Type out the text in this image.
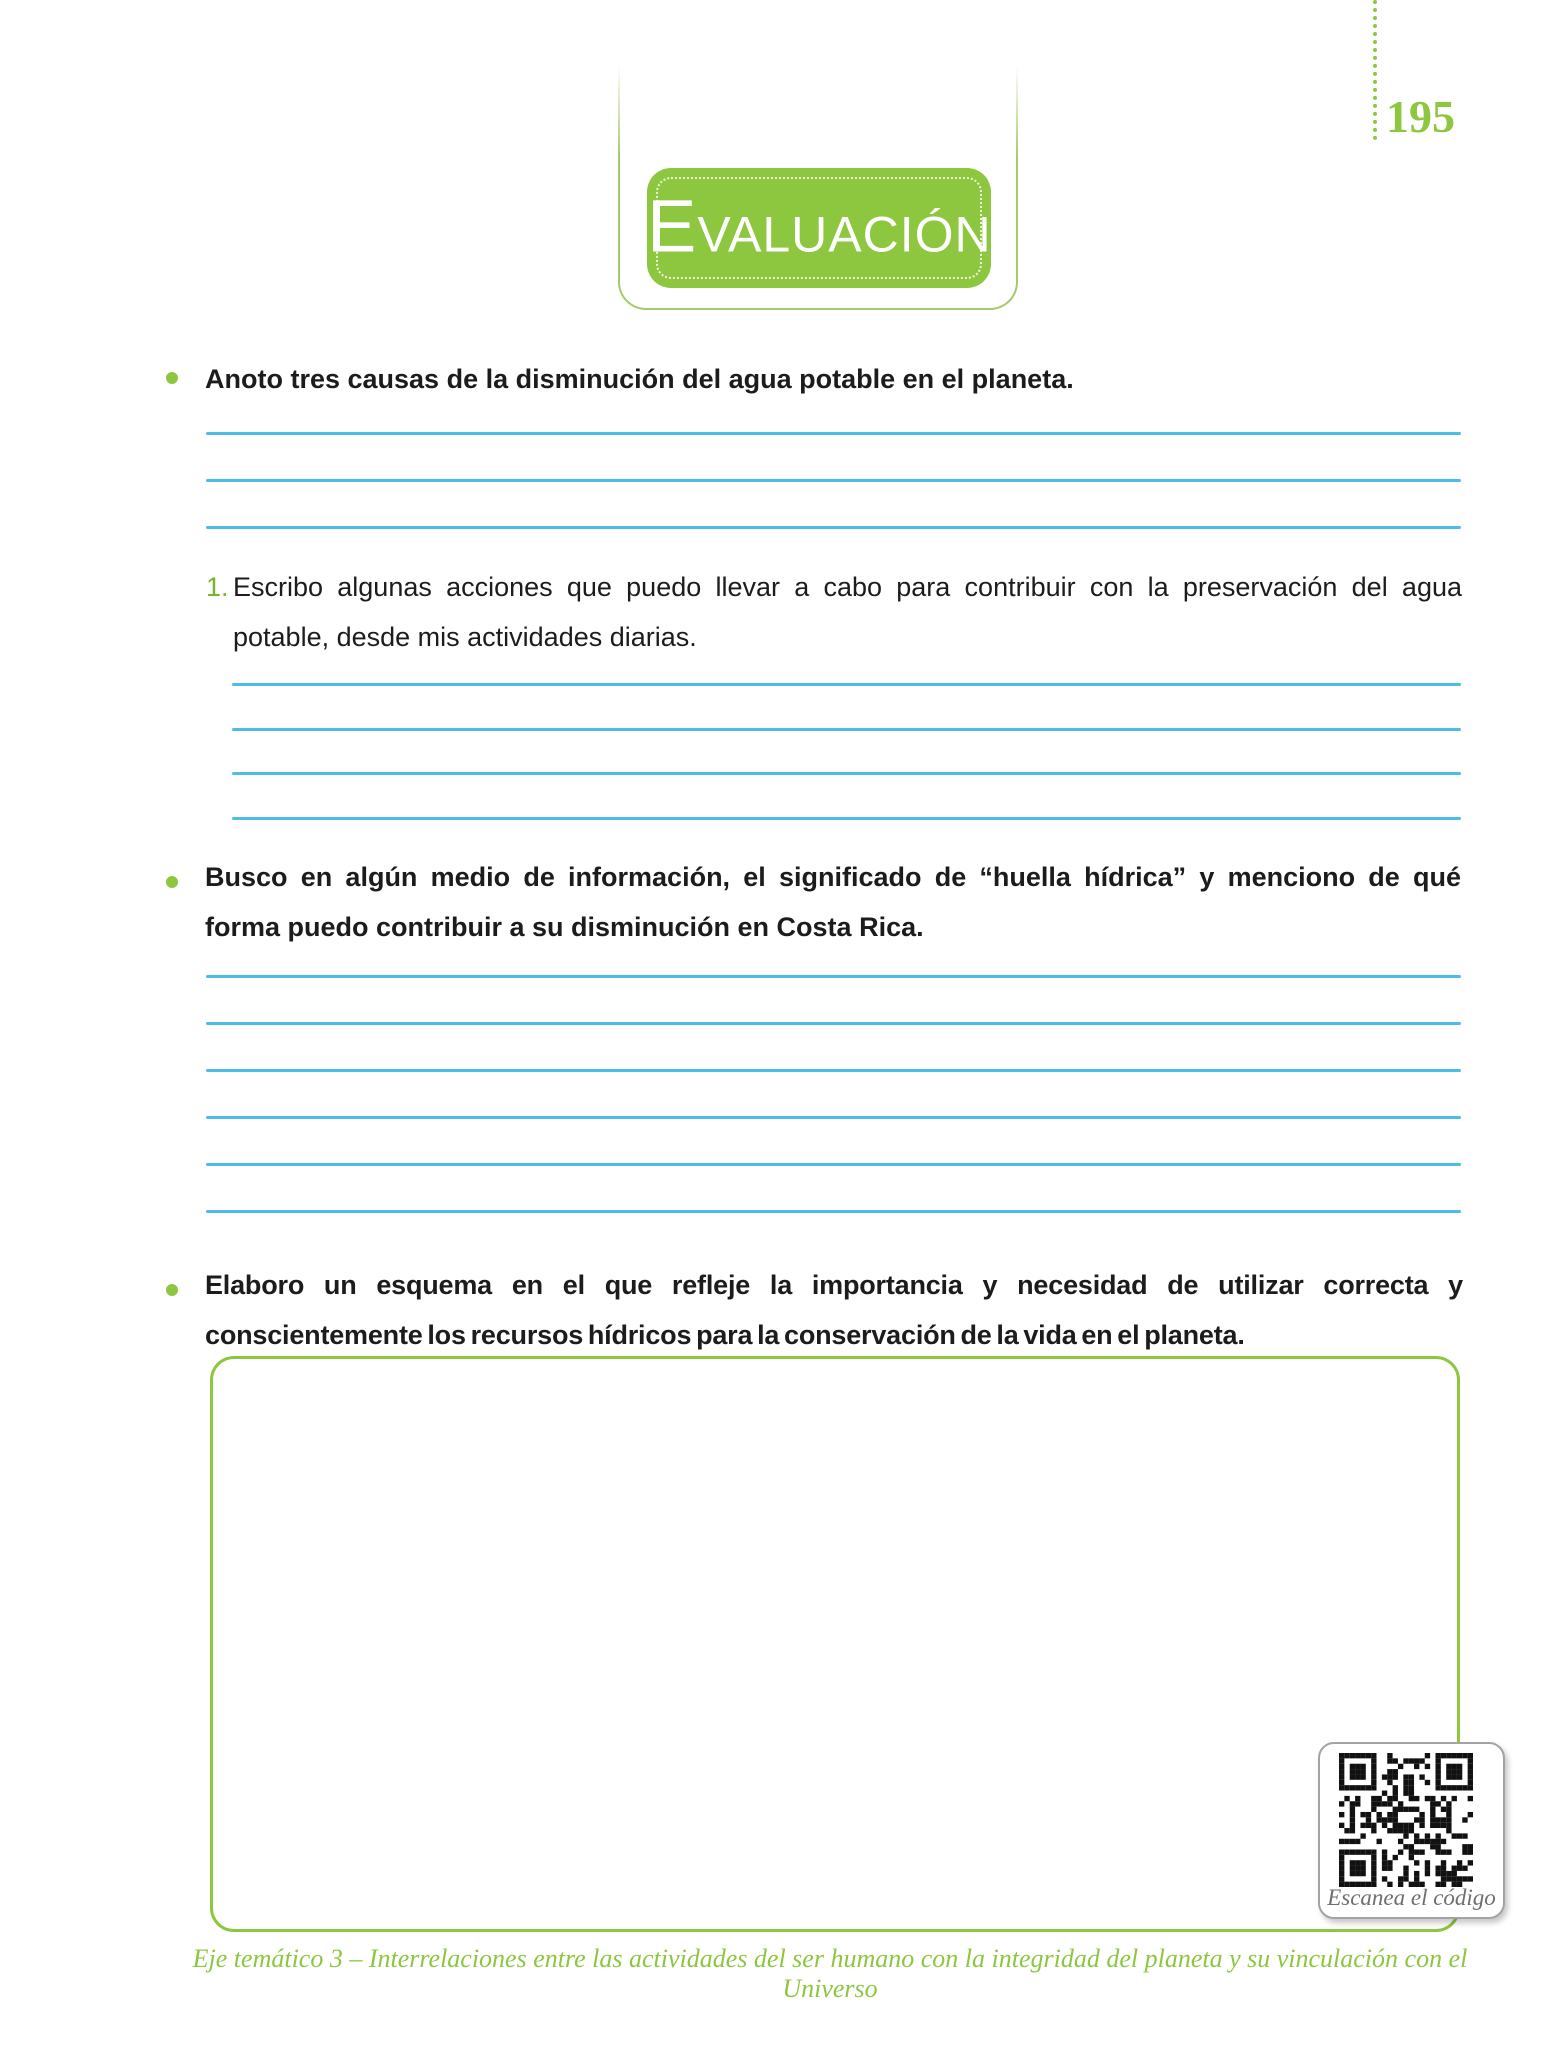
195
EVALUACIÓN

Anoto tres causas de la disminución del agua potable en el planeta.

1. Escribo algunas acciones que puedo llevar a cabo para contribuir con la preservación del agua potable, desde mis actividades diarias.

Busco en algún medio de información, el significado de “huella hídrica” y menciono de qué forma puedo contribuir a su disminución en Costa Rica.

Elaboro un esquema en el que refleje la importancia y necesidad de utilizar correcta y conscientemente los recursos hídricos para la conservación de la vida en el planeta.

Escanea el código
Eje temático 3 – Interrelaciones entre las actividades del ser humano con la integridad del planeta y su vinculación con el Universo
